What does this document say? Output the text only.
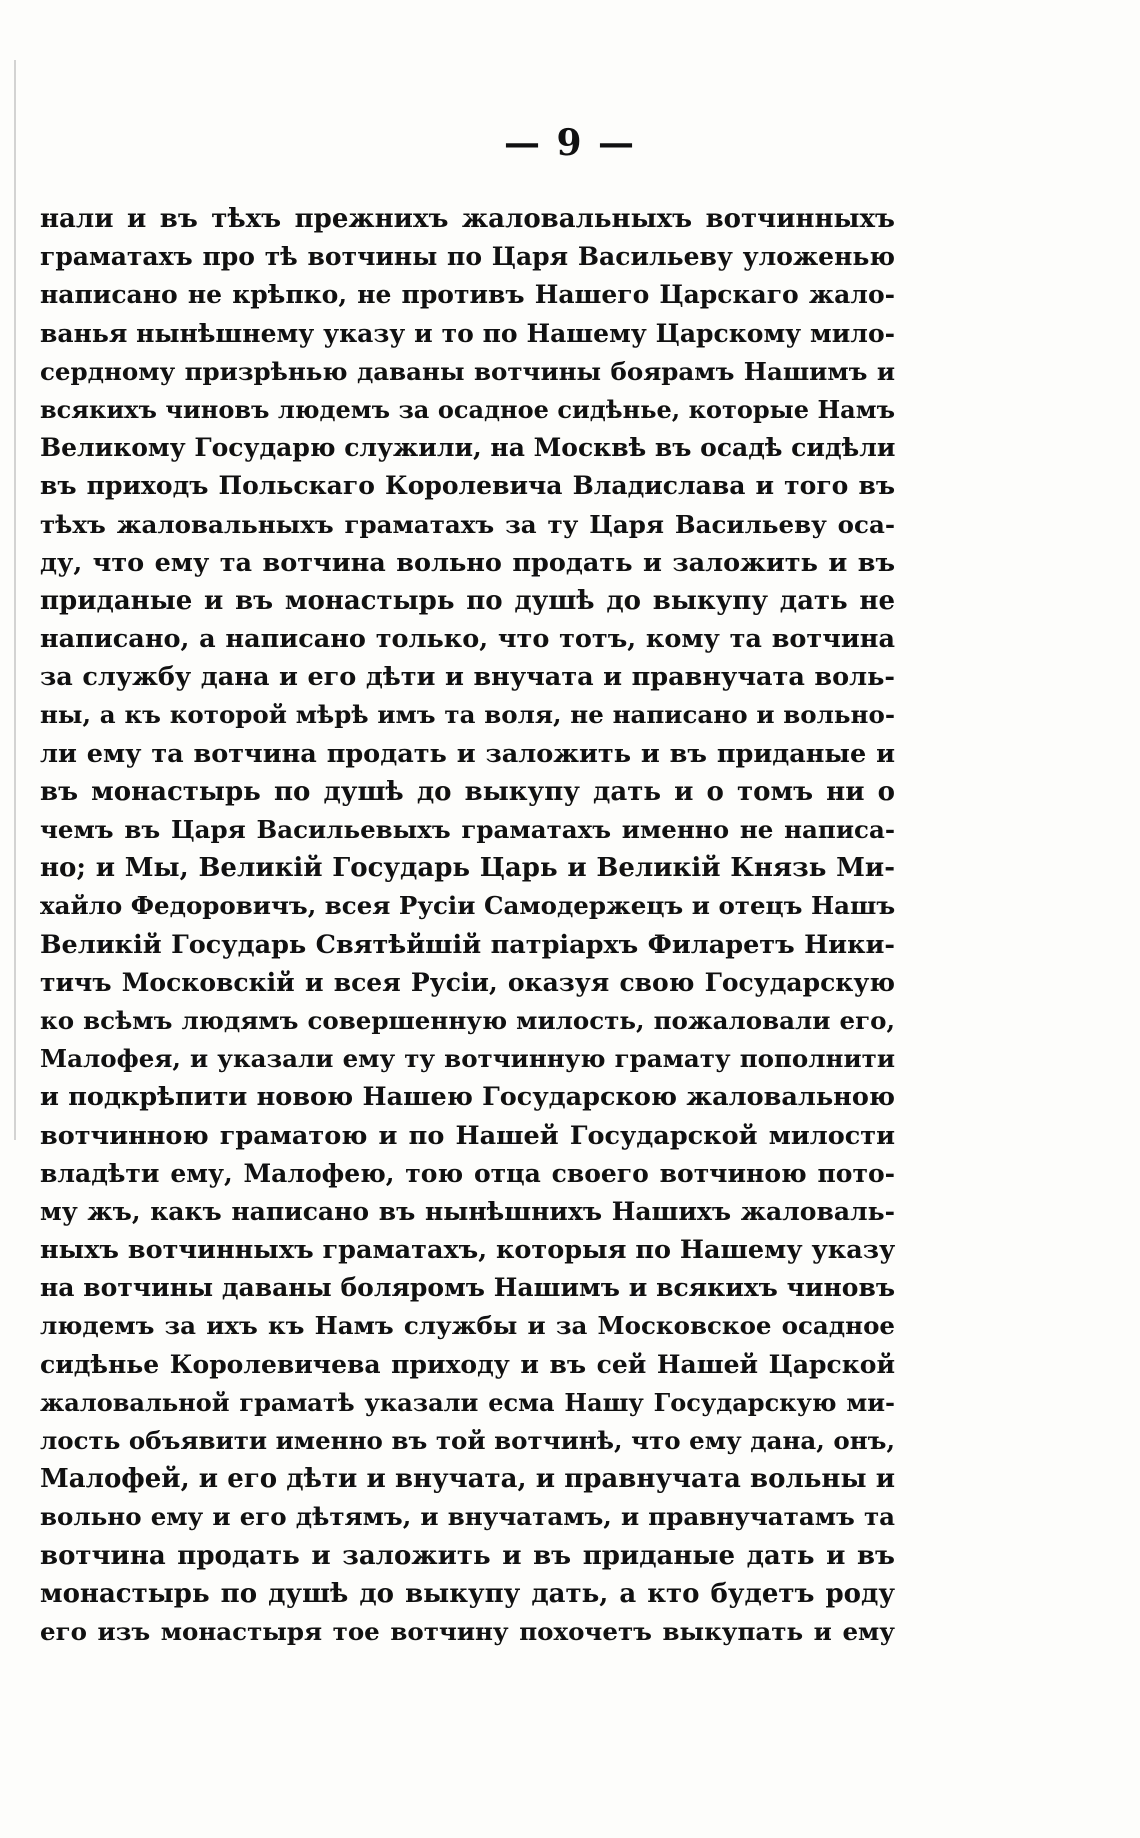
— 9 —
нали и въ тѣхъ прежнихъ жаловальныхъ вотчинныхъ
граматахъ про тѣ вотчины по Царя Васильеву уложенью
написано не крѣпко, не противъ Нашего Царскаго жало-
ванья нынѣшнему указу и то по Нашему Царскому мило-
сердному призрѣнью даваны вотчины боярамъ Нашимъ и
всякихъ чиновъ людемъ за осадное сидѣнье, которые Намъ
Великому Государю служили, на Москвѣ въ осадѣ сидѣли
въ приходъ Польскаго Королевича Владислава и того въ
тѣхъ жаловальныхъ граматахъ за ту Царя Васильеву оса-
ду, что ему та вотчина вольно продать и заложить и въ
приданые и въ монастырь по душѣ до выкупу дать не
написано, а написано только, что тотъ, кому та вотчина
за службу дана и его дѣти и внучата и правнучата воль-
ны, а къ которой мѣрѣ имъ та воля, не написано и вольно-
ли ему та вотчина продать и заложить и въ приданые и
въ монастырь по душѣ до выкупу дать и о томъ ни о
чемъ въ Царя Васильевыхъ граматахъ именно не написа-
но; и Мы, Великій Государь Царь и Великій Князь Ми-
хайло Федоровичъ, всея Русіи Самодержецъ и отецъ Нашъ
Великій Государь Святѣйшій патріархъ Филаретъ Ники-
тичъ Московскій и всея Русіи, оказуя свою Государскую
ко всѣмъ людямъ совершенную милость, пожаловали его,
Малофея, и указали ему ту вотчинную грамату пополнити
и подкрѣпити новою Нашею Государскою жаловальною
вотчинною граматою и по Нашей Государской милости
владѣти ему, Малофею, тою отца своего вотчиною пото-
му жъ, какъ написано въ нынѣшнихъ Нашихъ жаловаль-
ныхъ вотчинныхъ граматахъ, которыя по Нашему указу
на вотчины даваны боляромъ Нашимъ и всякихъ чиновъ
людемъ за ихъ къ Намъ службы и за Московское осадное
сидѣнье Королевичева приходу и въ сей Нашей Царской
жаловальной граматѣ указали есма Нашу Государскую ми-
лость объявити именно въ той вотчинѣ, что ему дана, онъ,
Малофей, и его дѣти и внучата, и правнучата вольны и
вольно ему и его дѣтямъ, и внучатамъ, и правнучатамъ та
вотчина продать и заложить и въ приданые дать и въ
монастырь по душѣ до выкупу дать, а кто будетъ роду
его изъ монастыря тое вотчину похочетъ выкупать и ему
